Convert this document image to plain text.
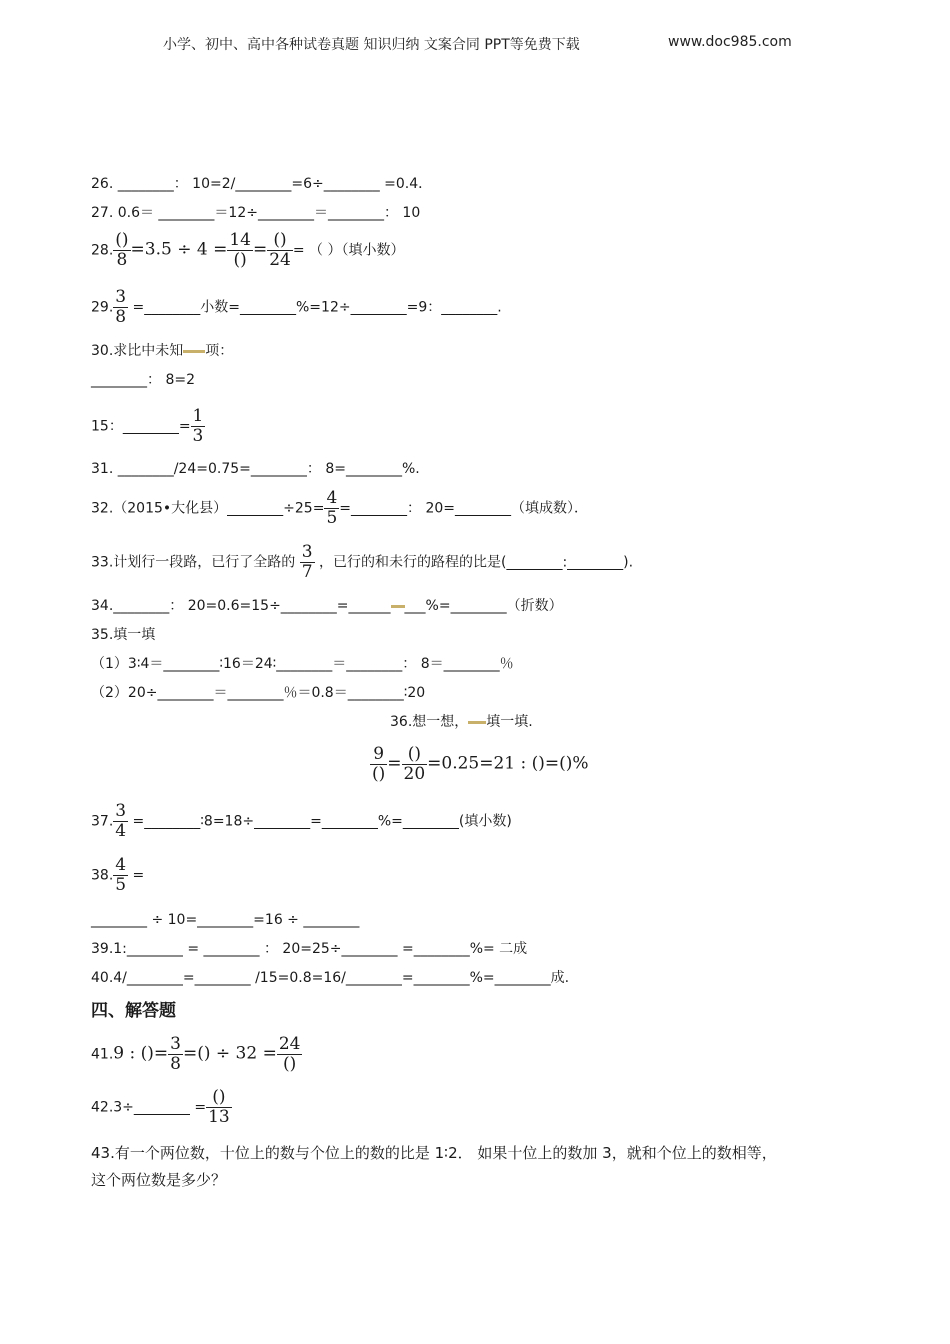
小学、初中、高中各种试卷真题 知识归纳 文案合同 PPT等免费下载	www.doc985.com
26. ________： 10=2/________=6÷________ =0.4．
27. 0.6＝ ________＝12÷________＝________： 10
28. $\frac{()}{8} =3.5 \div 4 = \frac{14}{()} = \frac{()}{24}$ = （ ）（填小数）
29. $\frac{3}{8}$ =________小数=________%=12÷________=9：________.
30.求比中未知 项：
________： 8=2
15：________= $\frac{1}{3}$
31. ________/24=0.75=________： 8=________%.
32.（2015•大化县）________÷25= $\frac{4}{5}$ =________： 20=________（填成数）．
33.计划行一段路，已行了全路的 $\frac{3}{7}$ ，已行的和未行的路程的比是(________:________).
34.________： 20=0.6=15÷________=______ ___%=________（折数）
35.填一填
（1）3∶4＝________∶16＝24∶________＝________： 8＝________％
（2）20÷________＝________％＝0.8＝________∶20
36.想一想， 填一填.
$\frac{9}{()} = \frac{()}{20} =0.25=21$ : ()=()%
37. $\frac{3}{4}$ =________∶8=18÷________=________%=________(填小数)
38. $\frac{4}{5}$ =
________ ÷ 10=________=16 ÷ ________
39.1:________ = ________ ： 20=25÷________ =________%= 二成
40.4/________=________ /15=0.8=16/________=________%=________成.
四、解答题
41.9 : ()= $\frac{3}{8}$ =() ÷ $32 = \frac{24}{()}$
42.3÷________ = $\frac{()}{13}$
43.有一个两位数，十位上的数与个位上的数的比是 1∶2． 如果十位上的数加 3，就和个位上的数相等，
这个两位数是多少？
